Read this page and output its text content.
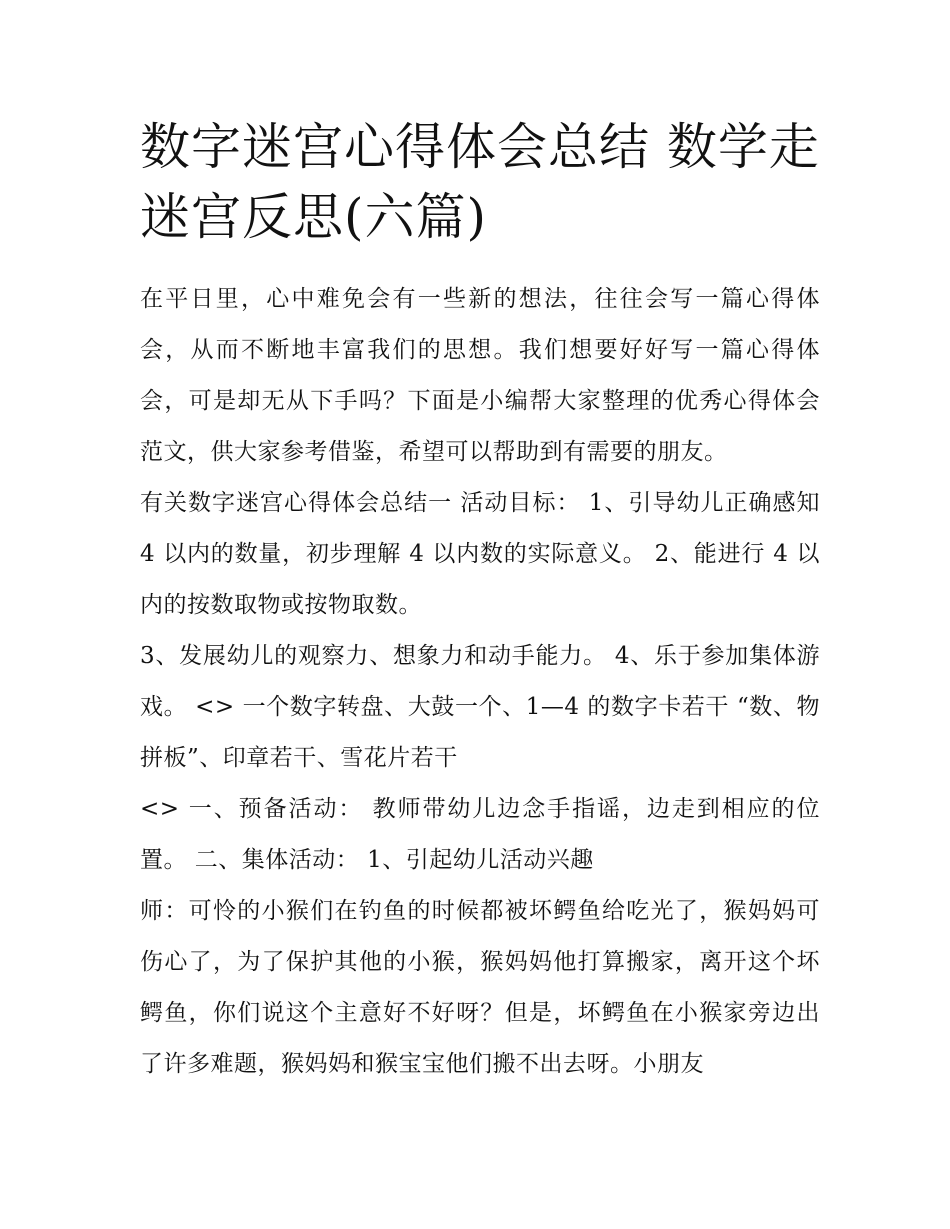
数字迷宫心得体会总结 数学走迷宫反思(六篇)

在平日里，心中难免会有一些新的想法，往往会写一篇心得体会，从而不断地丰富我们的思想。我们想要好好写一篇心得体会，可是却无从下手吗？下面是小编帮大家整理的优秀心得体会范文，供大家参考借鉴，希望可以帮助到有需要的朋友。

有关数字迷宫心得体会总结一 活动目标： 1、引导幼儿正确感知 4 以内的数量，初步理解 4 以内数的实际意义。 2、能进行 4 以内的按数取物或按物取数。

3、发展幼儿的观察力、想象力和动手能力。 4、乐于参加集体游戏。 <> 一个数字转盘、大鼓一个、1—4 的数字卡若干 “数、物拼板”、印章若干、雪花片若干

<> 一、预备活动： 教师带幼儿边念手指谣，边走到相应的位置。 二、集体活动： 1、引起幼儿活动兴趣

师：可怜的小猴们在钓鱼的时候都被坏鳄鱼给吃光了，猴妈妈可伤心了，为了保护其他的小猴，猴妈妈他打算搬家，离开这个坏鳄鱼，你们说这个主意好不好呀？但是，坏鳄鱼在小猴家旁边出了许多难题，猴妈妈和猴宝宝他们搬不出去呀。小朋友
